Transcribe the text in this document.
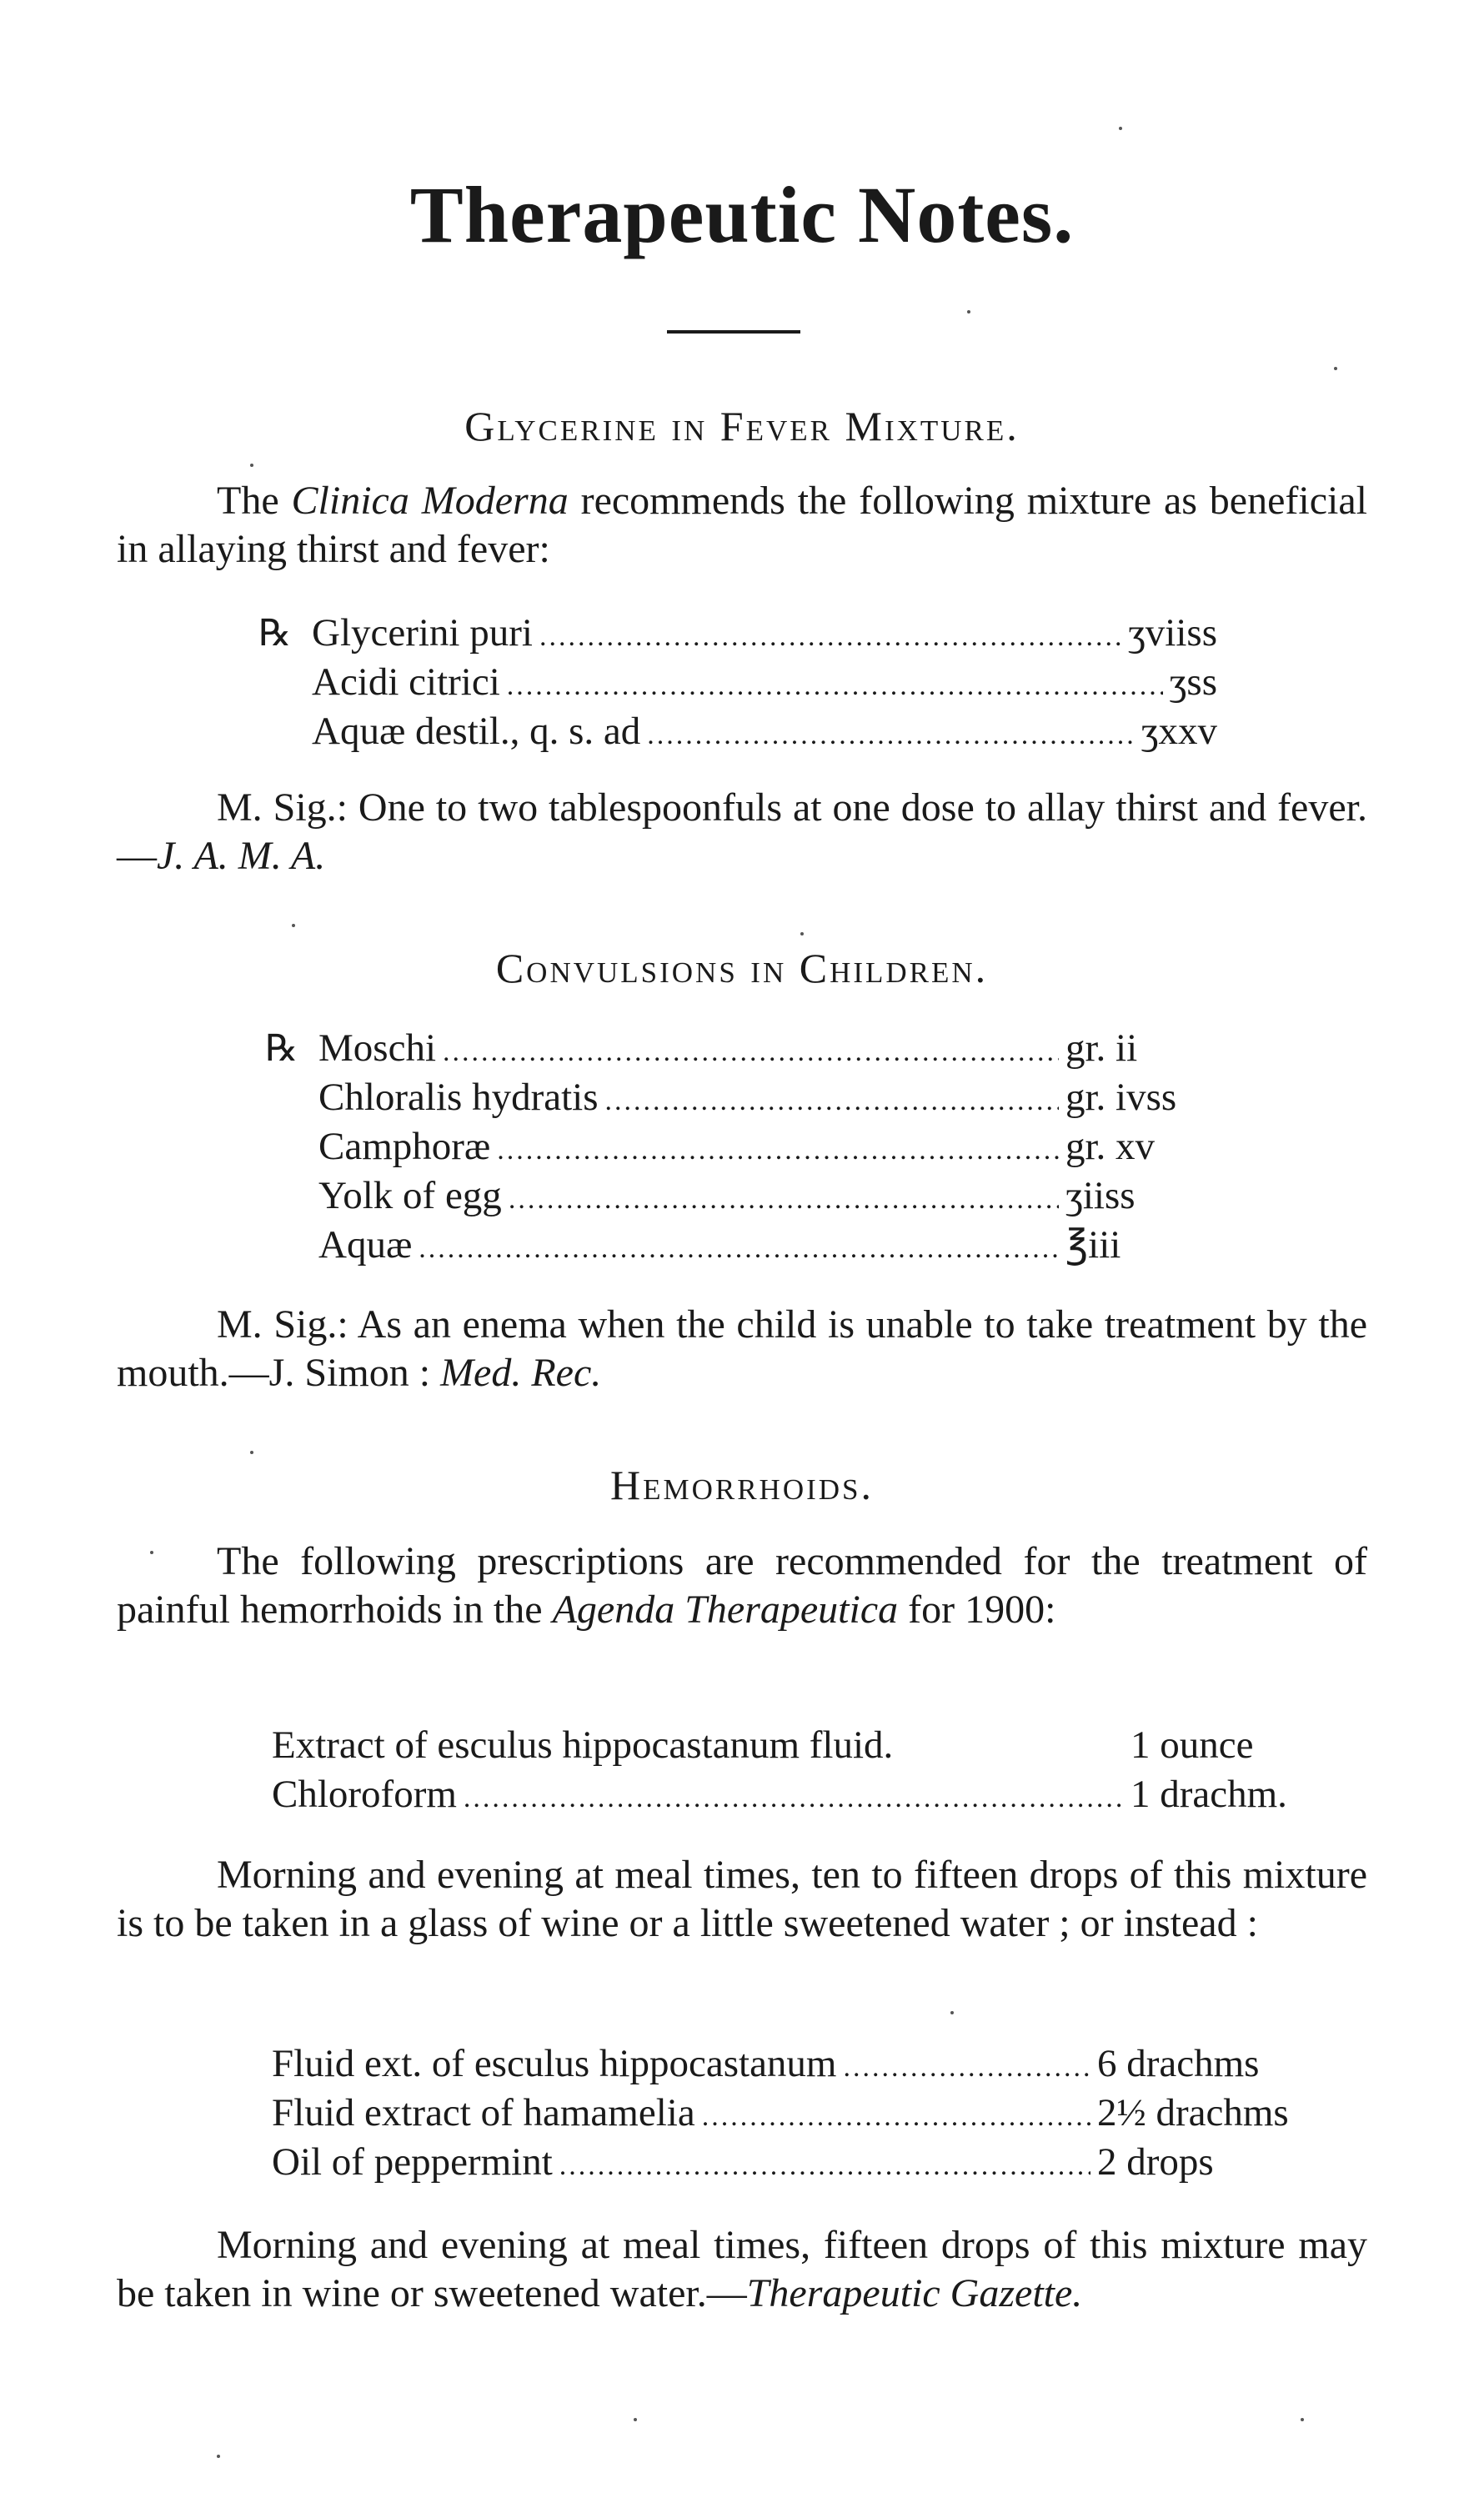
Therapeutic Notes.
Glycerine in Fever Mixture.

The Clinica Moderna recommends the following mixture as beneficial in allaying thirst and fever:

℞ Glycerini puri .....	ʒviiss
Acidi citrici .....	ʒss
Aquæ destil., q. s. ad .....	ʒxxv

M. Sig.: One to two tablespoonfuls at one dose to allay thirst and fever.—J. A. M. A.

Convulsions in Children.
℞ Moschi .....	gr. ii
Chloralis hydratis .....	gr. ivss
Camphoræ .....	gr. xv
Yolk of egg .....	ʒiiss
Aquæ .....	℥iii

M. Sig.: As an enema when the child is unable to take treatment by the mouth.—J. Simon : Med. Rec.

Hemorrhoids.

The following prescriptions are recommended for the treatment of painful hemorrhoids in the Agenda Therapeutica for 1900:

Extract of esculus hippocastanum fluid.	1 ounce
Chloroform .....	1 drachm.

Morning and evening at meal times, ten to fifteen drops of this mixture is to be taken in a glass of wine or a little sweetened water ; or instead :

Fluid ext. of esculus hippocastanum .....	6 drachms
Fluid extract of hamamelia .....	2½ drachms
Oil of peppermint .....	2 drops

Morning and evening at meal times, fifteen drops of this mixture may be taken in wine or sweetened water.—Therapeutic Gazette.
